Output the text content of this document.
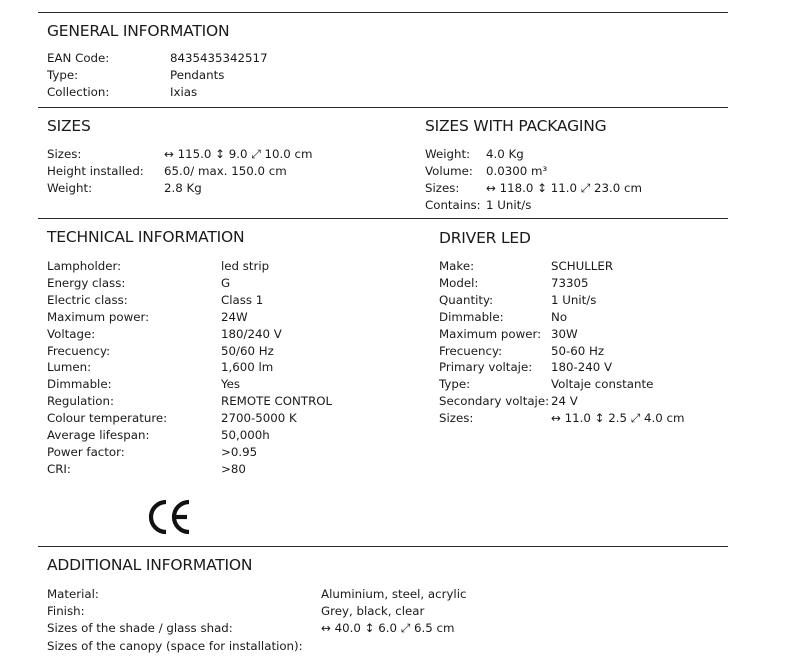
GENERAL INFORMATION
EAN Code:	8435435342517
Type:	Pendants
Collection:	Ixias
SIZES
Sizes:	↔ 115.0 ↕ 9.0 ⤢ 10.0 cm
Height installed: 65.0/ max. 150.0 cm
Weight:	2.8 Kg
SIZES WITH PACKAGING
Weight: 4.0 Kg
Volume: 0.0300 m³
Sizes: ↔ 118.0 ↕ 11.0 ⤢ 23.0 cm
Contains: 1 Unit/s
TECHNICAL INFORMATION
Lampholder:	led strip
Energy class:	G
Electric class:	Class 1
Maximum power:	24W
Voltage:	180/240 V
Frecuency:	50/60 Hz
Lumen:	1,600 lm
Dimmable:	Yes
Regulation:	REMOTE CONTROL
Colour temperature:	2700-5000 K
Average lifespan:	50,000h
Power factor:	>0.95
CRI:	>80
DRIVER LED
Make:	SCHULLER
Model:	73305
Quantity:	1 Unit/s
Dimmable:	No
Maximum power: 30W
Frecuency:	50-60 Hz
Primary voltaje: 180-240 V
Type:	Voltaje constante
Secondary voltaje: 24 V
Sizes:	↔ 11.0 ↕ 2.5 ⤢ 4.0 cm
ADDITIONAL INFORMATION
Material:	Aluminium, steel, acrylic
Finish:	Grey, black, clear
Sizes of the shade / glass shad:	↔ 40.0 ↕ 6.0 ⤢ 6.5 cm
Sizes of the canopy (space for installation):
